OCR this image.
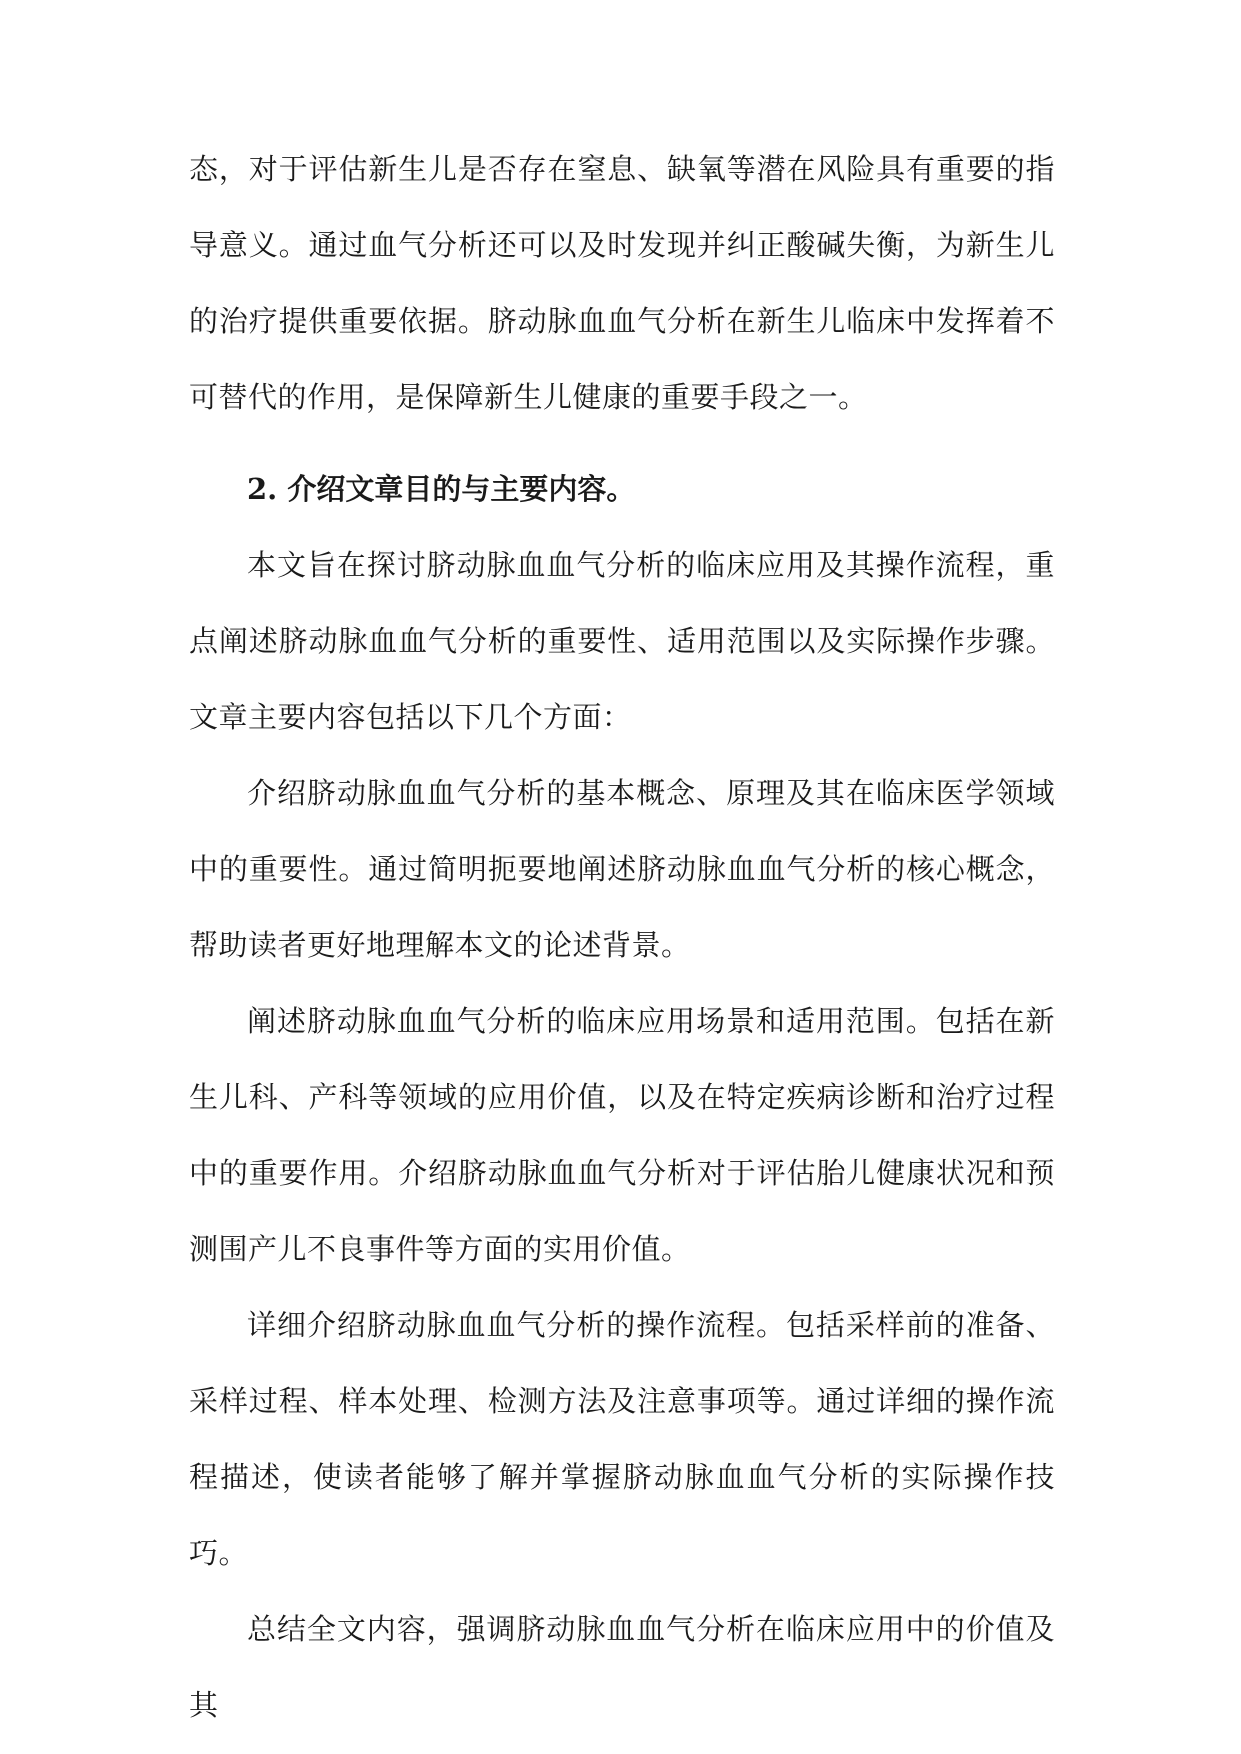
态，对于评估新生儿是否存在窒息、缺氧等潜在风险具有重要的指导意义。通过血气分析还可以及时发现并纠正酸碱失衡，为新生儿的治疗提供重要依据。脐动脉血血气分析在新生儿临床中发挥着不可替代的作用，是保障新生儿健康的重要手段之一。

2. 介绍文章目的与主要内容。

本文旨在探讨脐动脉血血气分析的临床应用及其操作流程，重点阐述脐动脉血血气分析的重要性、适用范围以及实际操作步骤。文章主要内容包括以下几个方面：

介绍脐动脉血血气分析的基本概念、原理及其在临床医学领域中的重要性。通过简明扼要地阐述脐动脉血血气分析的核心概念，帮助读者更好地理解本文的论述背景。

阐述脐动脉血血气分析的临床应用场景和适用范围。包括在新生儿科、产科等领域的应用价值，以及在特定疾病诊断和治疗过程中的重要作用。介绍脐动脉血血气分析对于评估胎儿健康状况和预测围产儿不良事件等方面的实用价值。

详细介绍脐动脉血血气分析的操作流程。包括采样前的准备、采样过程、样本处理、检测方法及注意事项等。通过详细的操作流程描述，使读者能够了解并掌握脐动脉血血气分析的实际操作技巧。

总结全文内容，强调脐动脉血血气分析在临床应用中的价值及其
